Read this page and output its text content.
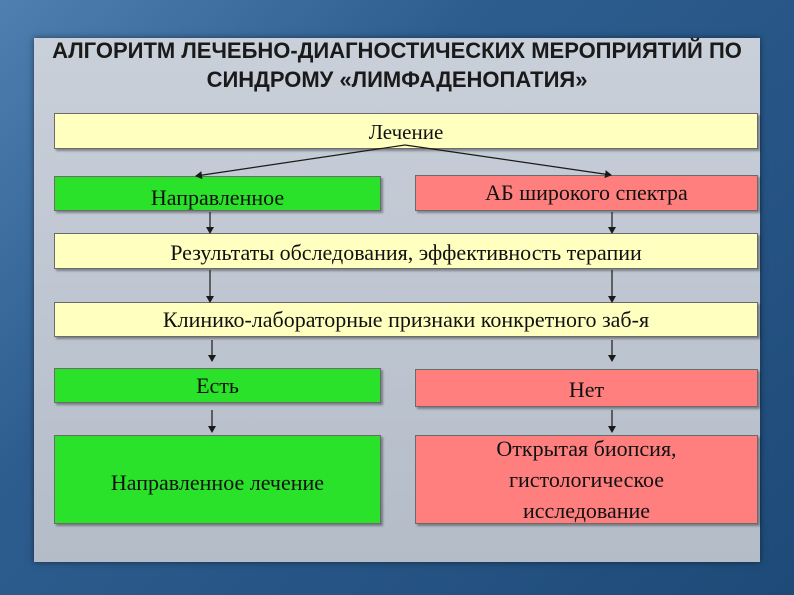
АЛГОРИТМ ЛЕЧЕБНО-ДИАГНОСТИЧЕСКИХ МЕРОПРИЯТИЙ ПО СИНДРОМУ «ЛИМФАДЕНОПАТИЯ»
Лечение
Направленное	АБ широкого спектра
Результаты обследования, эффективность терапии
Клинико-лабораторные признаки конкретного заб-я
Есть	Нет
Направленное лечение
Открытая биопсия, гистологическое исследование
